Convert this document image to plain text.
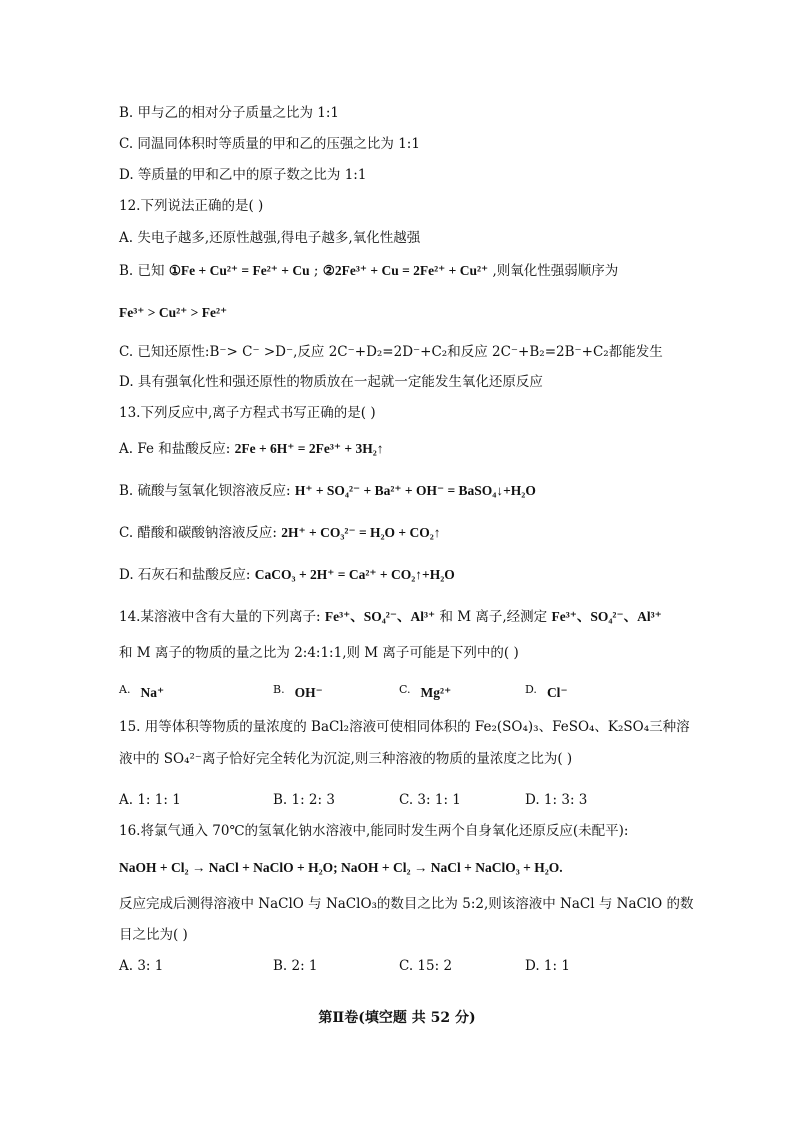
B. 甲与乙的相对分子质量之比为 1:1
C. 同温同体积时等质量的甲和乙的压强之比为 1:1
D. 等质量的甲和乙中的原子数之比为 1:1
12.下列说法正确的是( )
A. 失电子越多,还原性越强,得电子越多,氧化性越强
B. 已知 ①Fe + Cu²⁺ = Fe²⁺ + Cu ; ②2Fe³⁺ + Cu = 2Fe²⁺ + Cu²⁺ ,则氧化性强弱顺序为
Fe³⁺ > Cu²⁺ > Fe²⁺
C. 已知还原性:B⁻> C⁻ >D⁻,反应 2C⁻+D₂=2D⁻+C₂和反应 2C⁻+B₂=2B⁻+C₂都能发生
D. 具有强氧化性和强还原性的物质放在一起就一定能发生氧化还原反应
13.下列反应中,离子方程式书写正确的是( )
A. Fe 和盐酸反应: 2Fe + 6H⁺ = 2Fe³⁺ + 3H₂↑
B. 硫酸与氢氧化钡溶液反应: H⁺ + SO₄²⁻ + Ba²⁺ + OH⁻ = BaSO₄↓+H₂O
C. 醋酸和碳酸钠溶液反应: 2H⁺ + CO₃²⁻ = H₂O + CO₂↑
D. 石灰石和盐酸反应: CaCO₃ + 2H⁺ = Ca²⁺ + CO₂↑+H₂O
14.某溶液中含有大量的下列离子: Fe³⁺、SO₄²⁻、Al³⁺ 和 M 离子,经测定 Fe³⁺、SO₄²⁻、Al³⁺
和 M 离子的物质的量之比为 2:4:1:1,则 M 离子可能是下列中的( )
$^{A.}$ Na⁺	$^{B.}$ OH⁻	$^{C.}$ Mg²⁺	$^{D.}$ Cl⁻
15. 用等体积等物质的量浓度的 BaCl₂溶液可使相同体积的 Fe₂(SO₄)₃、FeSO₄、K₂SO₄三种溶
液中的 SO₄²⁻离子恰好完全转化为沉淀,则三种溶液的物质的量浓度之比为( )
A. 1: 1: 1	B. 1: 2: 3	C. 3: 1: 1	D. 1: 3: 3
16.将氯气通入 70℃的氢氧化钠水溶液中,能同时发生两个自身氧化还原反应(未配平):
NaOH + Cl₂ → NaCl + NaClO + H₂O; NaOH + Cl₂ → NaCl + NaClO₃ + H₂O.
反应完成后测得溶液中 NaClO 与 NaClO₃的数目之比为 5:2,则该溶液中 NaCl 与 NaClO 的数
目之比为( )
A. 3: 1	B. 2: 1	C. 15: 2	D. 1: 1
第Ⅱ卷(填空题 共 52 分)
